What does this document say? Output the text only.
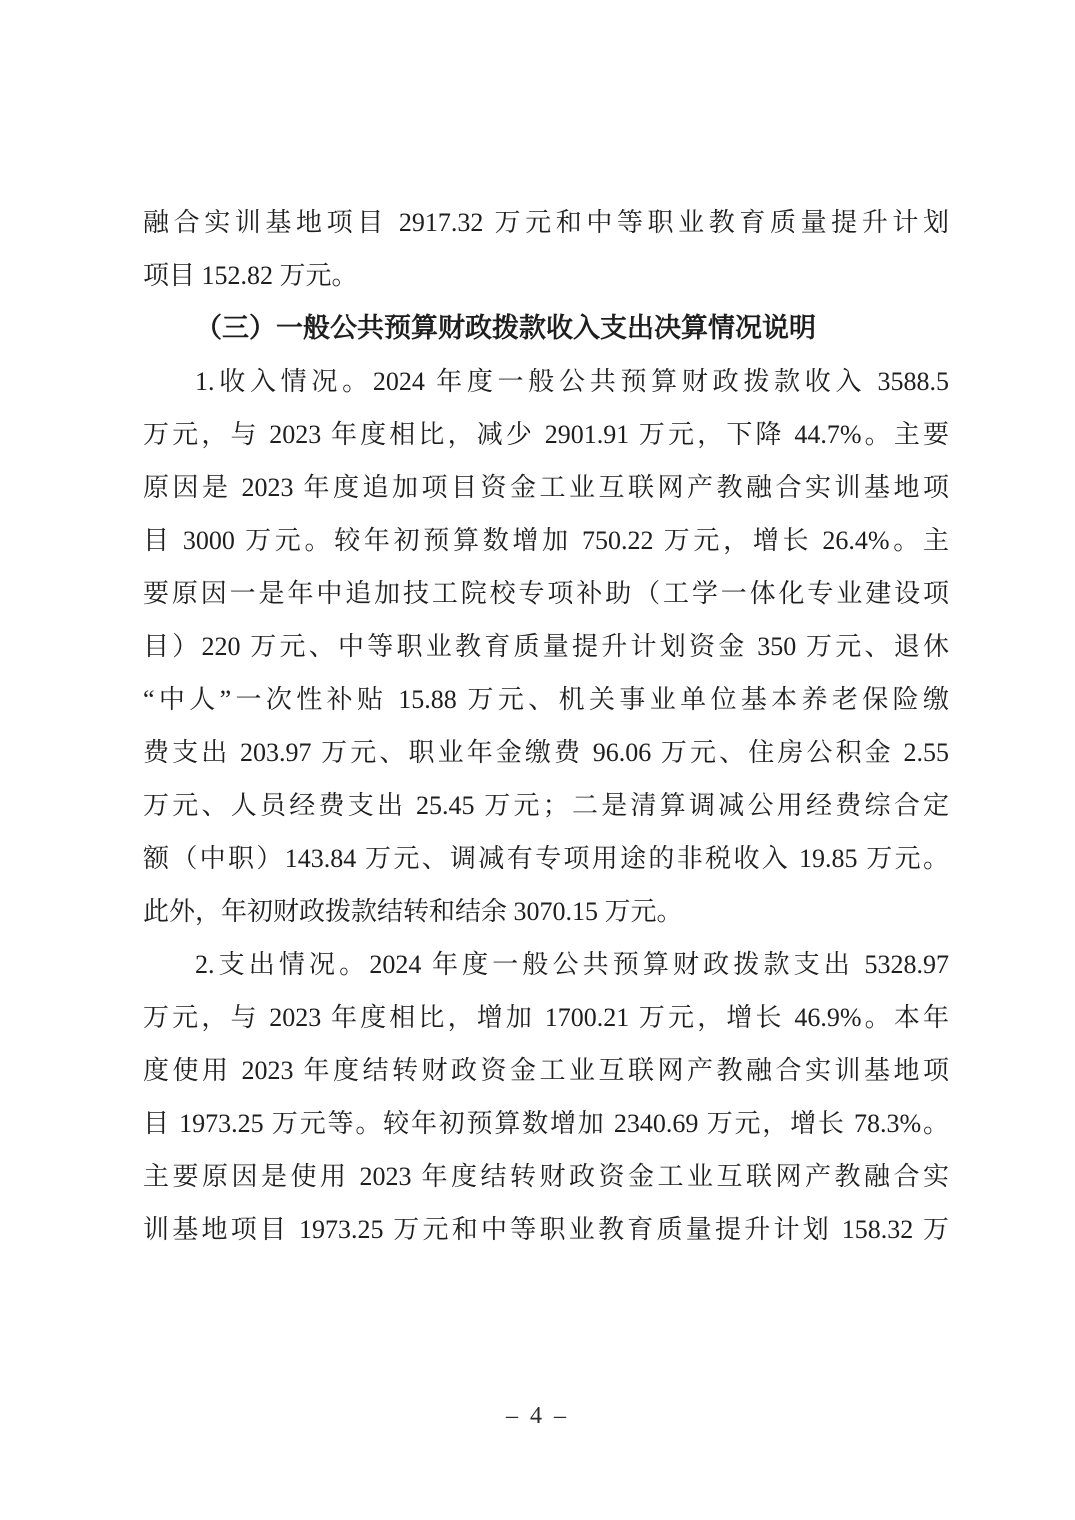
融合实训基地项目 2917.32 万元和中等职业教育质量提升计划
项目 152.82 万元。
（三）一般公共预算财政拨款收入支出决算情况说明
1.收入情况。2024 年度一般公共预算财政拨款收入 3588.5
万元，与 2023 年度相比，减少 2901.91 万元，下降 44.7%。主要
原因是 2023 年度追加项目资金工业互联网产教融合实训基地项
目 3000 万元。较年初预算数增加 750.22 万元，增长 26.4%。主
要原因一是年中追加技工院校专项补助（工学一体化专业建设项
目）220 万元、中等职业教育质量提升计划资金 350 万元、退休
“中人”一次性补贴 15.88 万元、机关事业单位基本养老保险缴
费支出 203.97 万元、职业年金缴费 96.06 万元、住房公积金 2.55
万元、人员经费支出 25.45 万元；二是清算调减公用经费综合定
额（中职）143.84 万元、调减有专项用途的非税收入 19.85 万元。
此外，年初财政拨款结转和结余 3070.15 万元。
2.支出情况。2024 年度一般公共预算财政拨款支出 5328.97
万元，与 2023 年度相比，增加 1700.21 万元，增长 46.9%。本年
度使用 2023 年度结转财政资金工业互联网产教融合实训基地项
目 1973.25 万元等。较年初预算数增加 2340.69 万元，增长 78.3%。
主要原因是使用 2023 年度结转财政资金工业互联网产教融合实
训基地项目 1973.25 万元和中等职业教育质量提升计划 158.32 万
– 4 –
